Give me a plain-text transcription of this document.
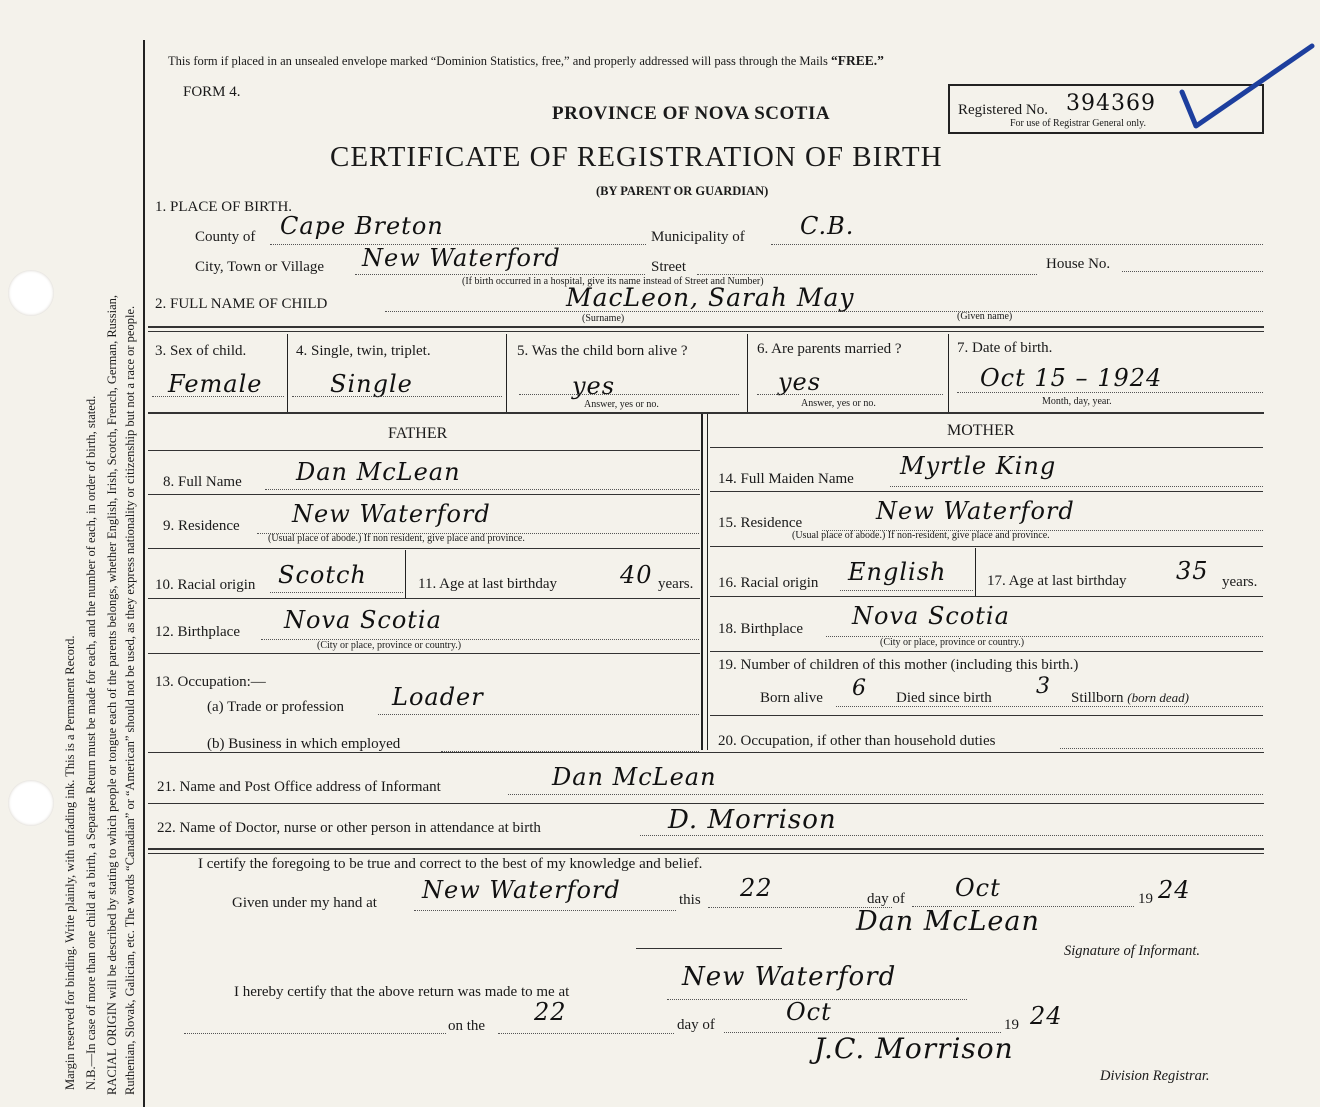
Margin reserved for binding. Write plainly, with unfading ink. This is a Permanent Record. N.B.—In case of more than one child at a birth, a Separate Return must be made for each, and the number of each, in order of birth, stated. RACIAL ORIGIN will be described by stating to which people or tongue each of the parents belongs, whether English, Irish, Scotch, French, German, Russian, Ruthenian, Slovak, Galician, etc. The words “Canadian” or “American” should not be used, as they express nationality or citizenship but not a race or people.
This form if placed in an unsealed envelope marked “Dominion Statistics, free,” and properly addressed will pass through the Mails “FREE.”
FORM 4.
PROVINCE OF NOVA SCOTIA
CERTIFICATE OF REGISTRATION OF BIRTH
(BY PARENT OR GUARDIAN)
Registered No. 394369
For use of Registrar General only.
1. PLACE OF BIRTH.
County of Cape Breton	Municipality of C.B.
City, Town or Village New Waterford	Street	House No.
(If birth occurred in a hospital, give its name instead of Street and Number)
2. FULL NAME OF CHILD	MacLeon, Sarah May
(Surname)	(Given name)
3. Sex of child.
Female
4. Single, twin, triplet.
Single
5. Was the child born alive ?
yes
Answer, yes or no.
6. Are parents married ?
yes
Answer, yes or no.
7. Date of birth.
Oct 15 – 1924
Month, day, year.
FATHER	MOTHER
8. Full Name Dan McLean
9. Residence New Waterford
(Usual place of abode.) If non resident, give place and province.
10. Racial origin Scotch	11. Age at last birthday	40 years.
12. Birthplace Nova Scotia
(City or place, province or country.)
13. Occupation:—
(a) Trade or profession Loader
(b) Business in which employed
14. Full Maiden Name Myrtle King
15. Residence	New Waterford
(Usual place of abode.) If non-resident, give place and province.
16. Racial origin English	17. Age at last birthday 35 years.
18. Birthplace Nova Scotia
(City or place, province or country.)
19. Number of children of this mother (including this birth.)
Born alive 6 Died since birth 3 Stillborn (born dead)
20. Occupation, if other than household duties
21. Name and Post Office address of Informant	Dan McLean
22. Name of Doctor, nurse or other person in attendance at birth	D. Morrison
I certify the foregoing to be true and correct to the best of my knowledge and belief.
Given under my hand at New Waterford	this 22	day of Oct	19 24
Dan McLean
Signature of Informant.
I hereby certify that the above return was made to me at	New Waterford
on the 22	day of	Oct	19 24
J.C. Morrison
Division Registrar.
